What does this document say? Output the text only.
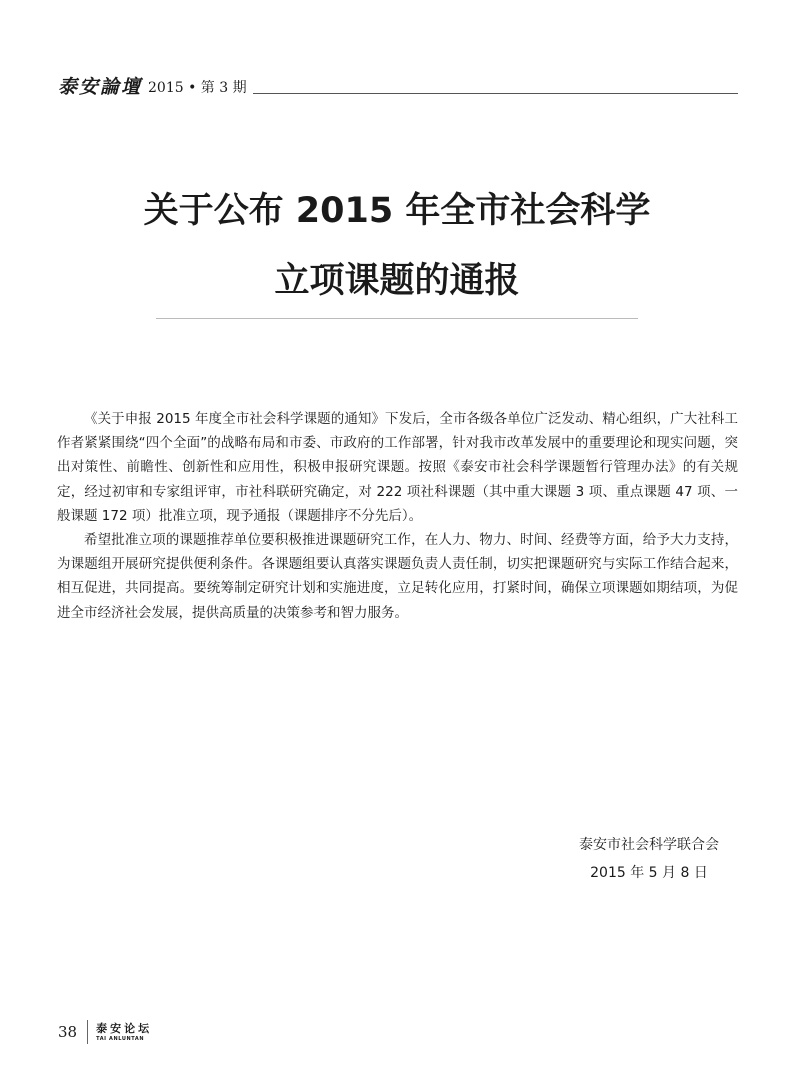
泰安論壇 2015 • 第 3 期
关于公布 2015 年全市社会科学
立项课题的通报

《关于申报 2015 年度全市社会科学课题的通知》下发后，全市各级各单位广泛发动、精心组织，广大社科工作者紧紧围绕“四个全面”的战略布局和市委、市政府的工作部署，针对我市改革发展中的重要理论和现实问题，突出对策性、前瞻性、创新性和应用性，积极申报研究课题。按照《泰安市社会科学课题暂行管理办法》的有关规定，经过初审和专家组评审，市社科联研究确定，对 222 项社科课题（其中重大课题 3 项、重点课题 47 项、一般课题 172 项）批准立项，现予通报（课题排序不分先后）。

希望批准立项的课题推荐单位要积极推进课题研究工作，在人力、物力、时间、经费等方面，给予大力支持，为课题组开展研究提供便利条件。各课题组要认真落实课题负责人责任制，切实把课题研究与实际工作结合起来，相互促进，共同提高。要统筹制定研究计划和实施进度，立足转化应用，打紧时间，确保立项课题如期结项，为促进全市经济社会发展，提供高质量的决策参考和智力服务。

泰安市社会科学联合会
2015 年 5 月 8 日
38 泰安论坛
TAI ANLUNTAN
